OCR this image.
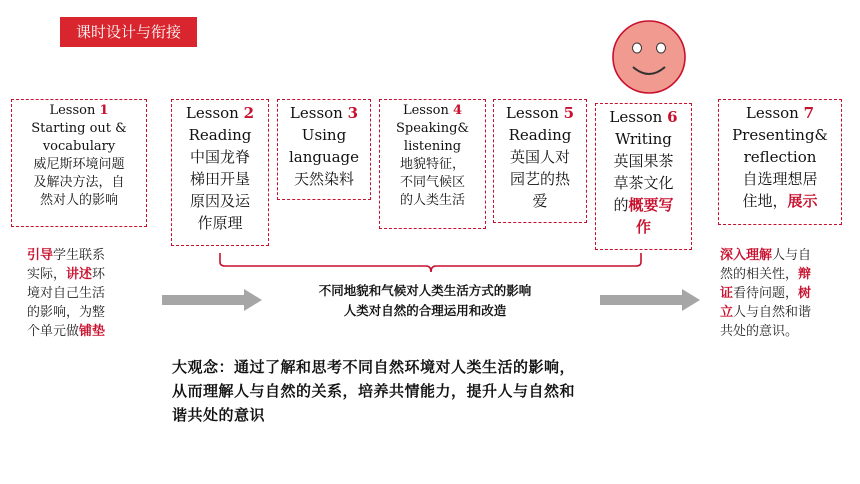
课时设计与衔接
Lesson 1
Starting out &
vocabulary
威尼斯环境问题
及解决方法，自
然对人的影响
Lesson 2
Reading
中国龙脊
梯田开垦
原因及运
作原理
Lesson 3
Using
language
天然染料
Lesson 4
Speaking&
listening
地貌特征，
不同气候区
的人类生活
Lesson 5
Reading
英国人对
园艺的热
爱
Lesson 6
Writing
英国果茶
草茶文化
的概要写
作
Lesson 7
Presenting&
reflection
自选理想居
住地，展示
引导学生联系
实际，讲述环
境对自己生活
的影响，为整
个单元做铺垫
深入理解人与自
然的相关性，辩
证看待问题，树
立人与自然和谐
共处的意识。
不同地貌和气候对人类生活方式的影响
人类对自然的合理运用和改造
大观念：通过了解和思考不同自然环境对人类生活的影响，
从而理解人与自然的关系，培养共情能力，提升人与自然和
谐共处的意识
